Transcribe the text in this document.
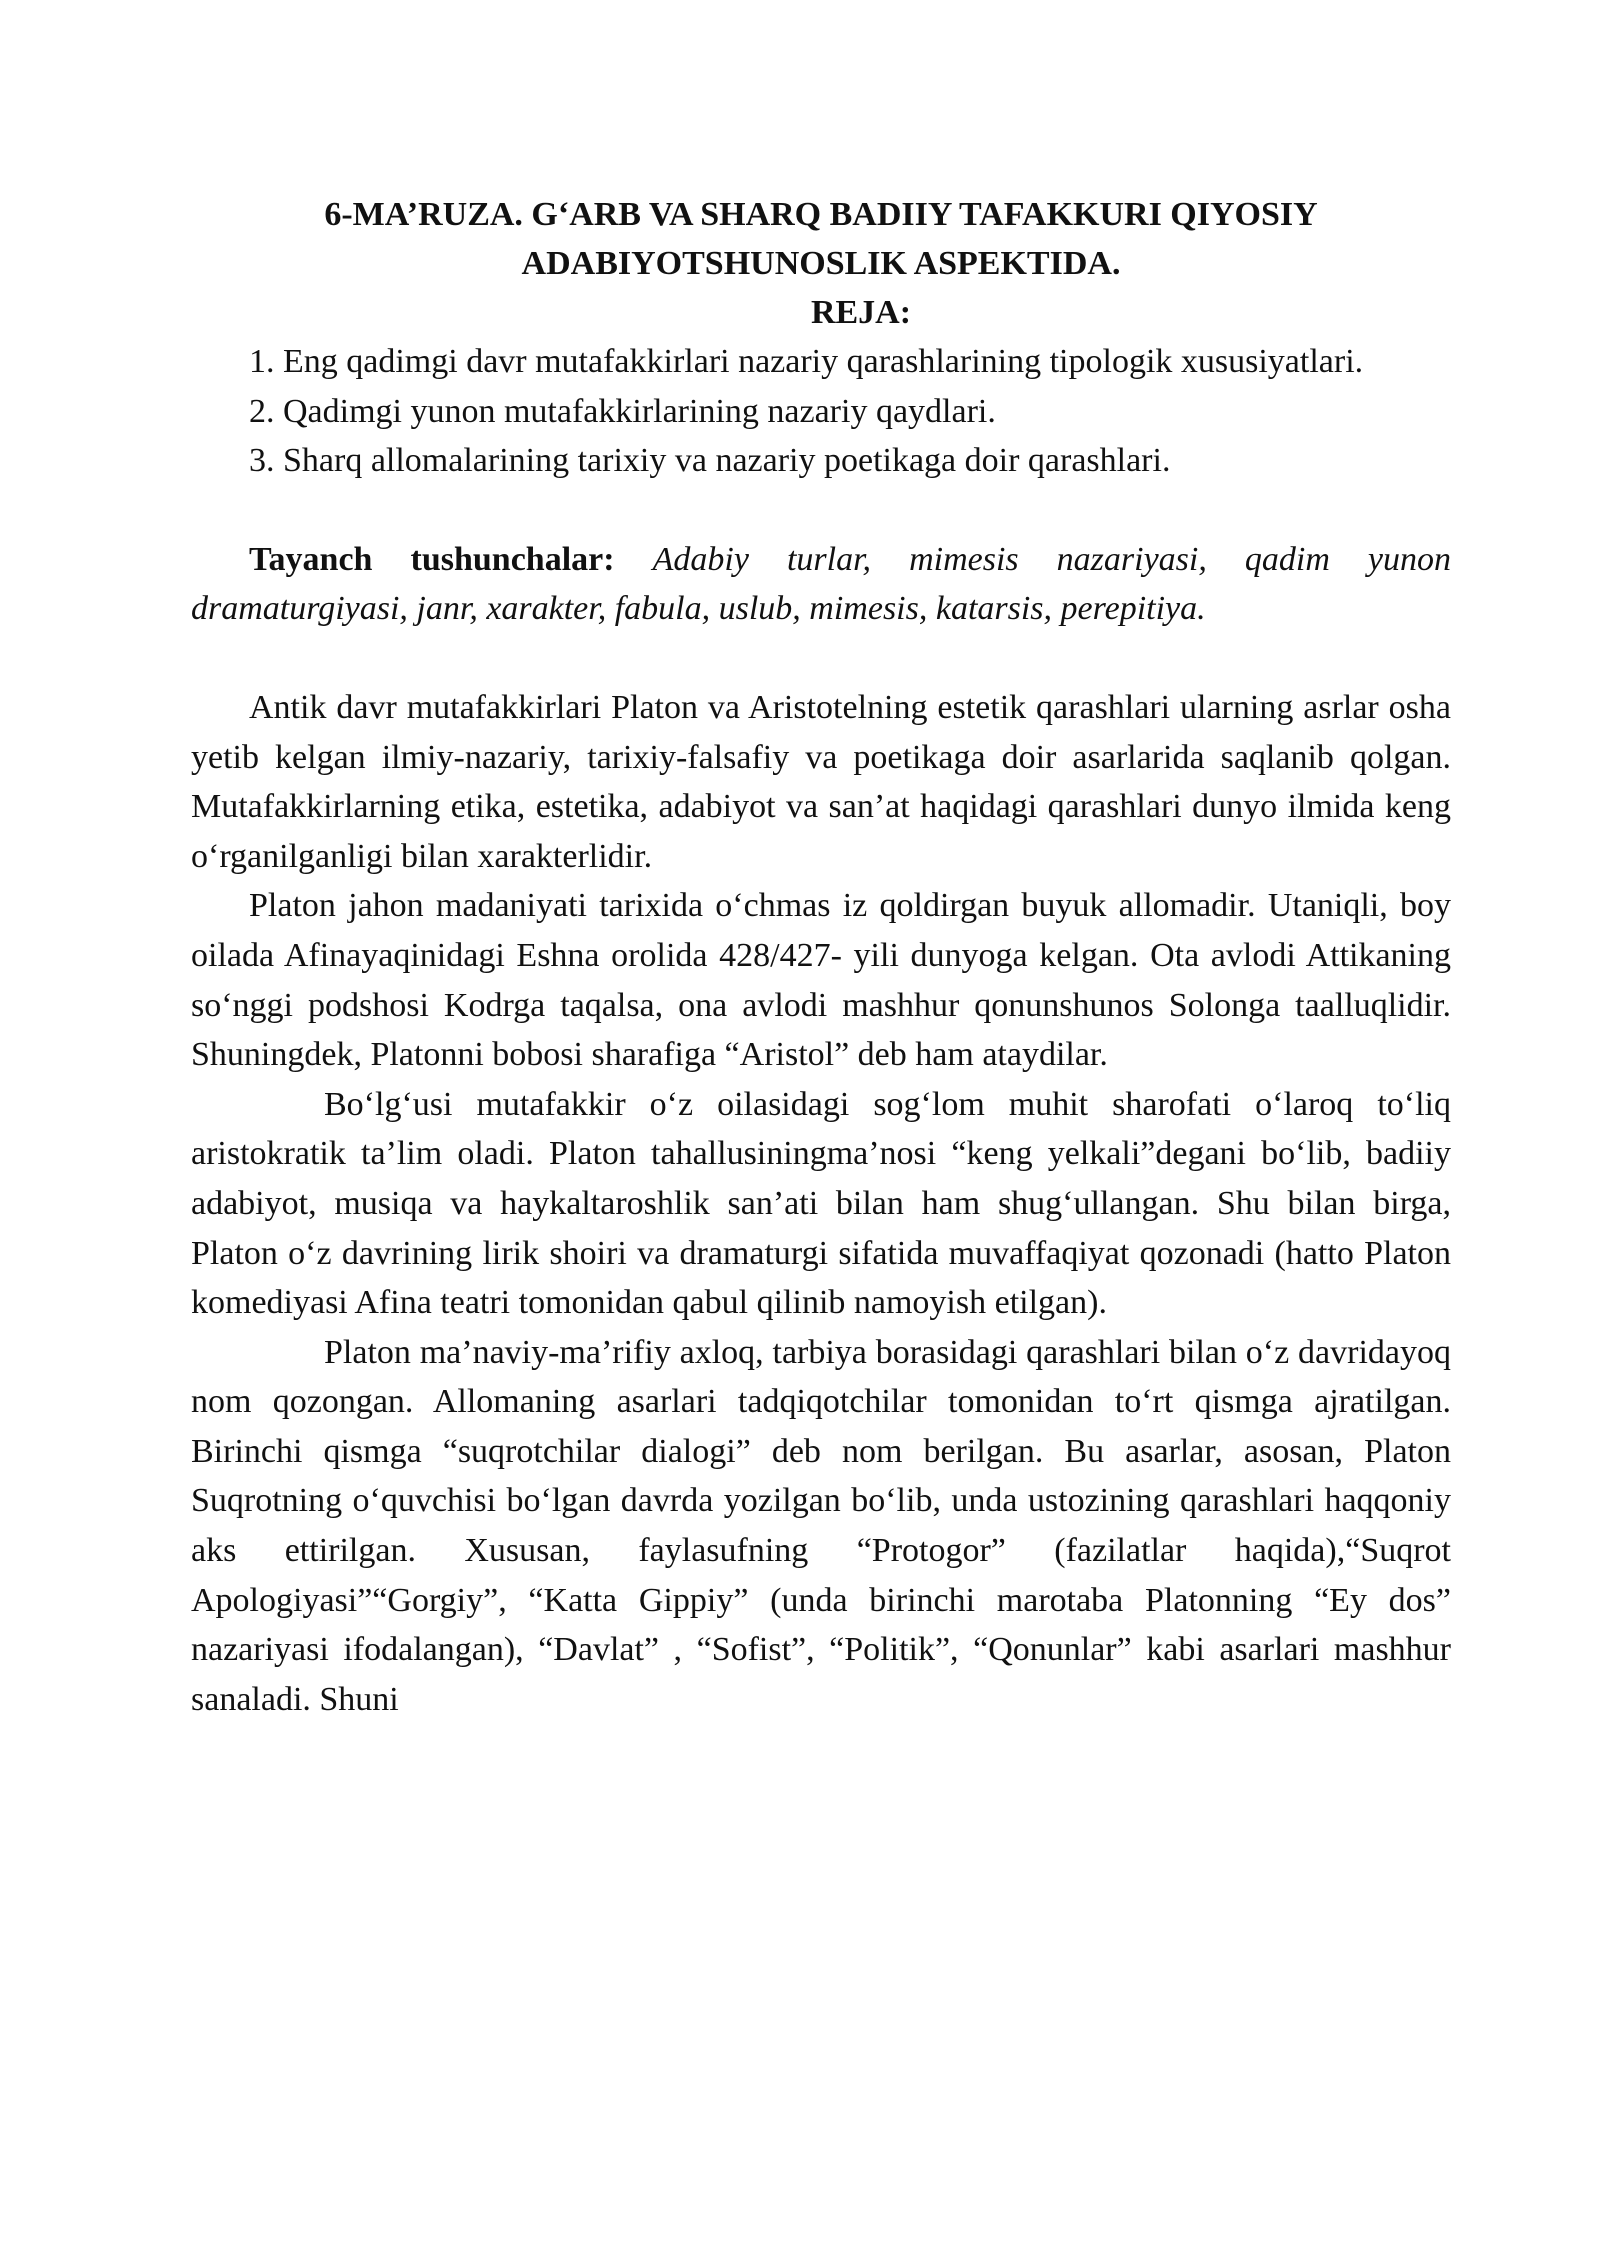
6-MA’RUZA. G‘ARB VA SHARQ BADIIY TAFAKKURI QIYOSIY
ADABIYOTSHUNOSLIK ASPEKTIDA.
REJA:

1. Eng qadimgi davr mutafakkirlari nazariy qarashlarining tipologik xususiyatlari.

2. Qadimgi yunon mutafakkirlarining nazariy qaydlari.

3. Sharq allomalarining tarixiy va nazariy poetikaga doir qarashlari.

Tayanch tushunchalar: Adabiy turlar, mimesis nazariyasi, qadim yunon dramaturgiyasi, janr, xarakter, fabula, uslub, mimesis, katarsis, perepitiya.

Antik davr mutafakkirlari Platon va Aristotelning estetik qarashlari ularning asrlar osha yetib kelgan ilmiy-nazariy, tarixiy-falsafiy va poetikaga doir asarlarida saqlanib qolgan. Mutafakkirlarning etika, estetika, adabiyot va san’at haqidagi qarashlari dunyo ilmida keng o‘rganilganligi bilan xarakterlidir.

Platon jahon madaniyati tarixida o‘chmas iz qoldirgan buyuk allomadir. Utaniqli, boy oilada Afinayaqinidagi Eshna orolida 428/427- yili dunyoga kelgan. Ota avlodi Attikaning so‘nggi podshosi Kodrga taqalsa, ona avlodi mashhur qonunshunos Solonga taalluqlidir. Shuningdek, Platonni bobosi sharafiga “Aristol” deb ham ataydilar.

Bo‘lg‘usi mutafakkir o‘z oilasidagi sog‘lom muhit sharofati o‘laroq to‘liq aristokratik ta’lim oladi. Platon tahallusiningma’nosi “keng yelkali”degani bo‘lib, badiiy adabiyot, musiqa va haykaltaroshlik san’ati bilan ham shug‘ullangan. Shu bilan birga, Platon o‘z davrining lirik shoiri va dramaturgi sifatida muvaffaqiyat qozonadi (hatto Platon komediyasi Afina teatri tomonidan qabul qilinib namoyish etilgan).

Platon ma’naviy-ma’rifiy axloq, tarbiya borasidagi qarashlari bilan o‘z davridayoq nom qozongan. Allomaning asarlari tadqiqotchilar tomonidan to‘rt qismga ajratilgan. Birinchi qismga “suqrotchilar dialogi” deb nom berilgan. Bu asarlar, asosan, Platon Suqrotning o‘quvchisi bo‘lgan davrda yozilgan bo‘lib, unda ustozining qarashlari haqqoniy aks ettirilgan. Xususan, faylasufning “Protogor” (fazilatlar haqida),“Suqrot Apologiyasi”“Gorgiy”, “Katta Gippiy” (unda birinchi marotaba Platonning “Ey dos” nazariyasi ifodalangan), “Davlat” , “Sofist”, “Politik”, “Qonunlar” kabi asarlari mashhur sanaladi. Shuni
